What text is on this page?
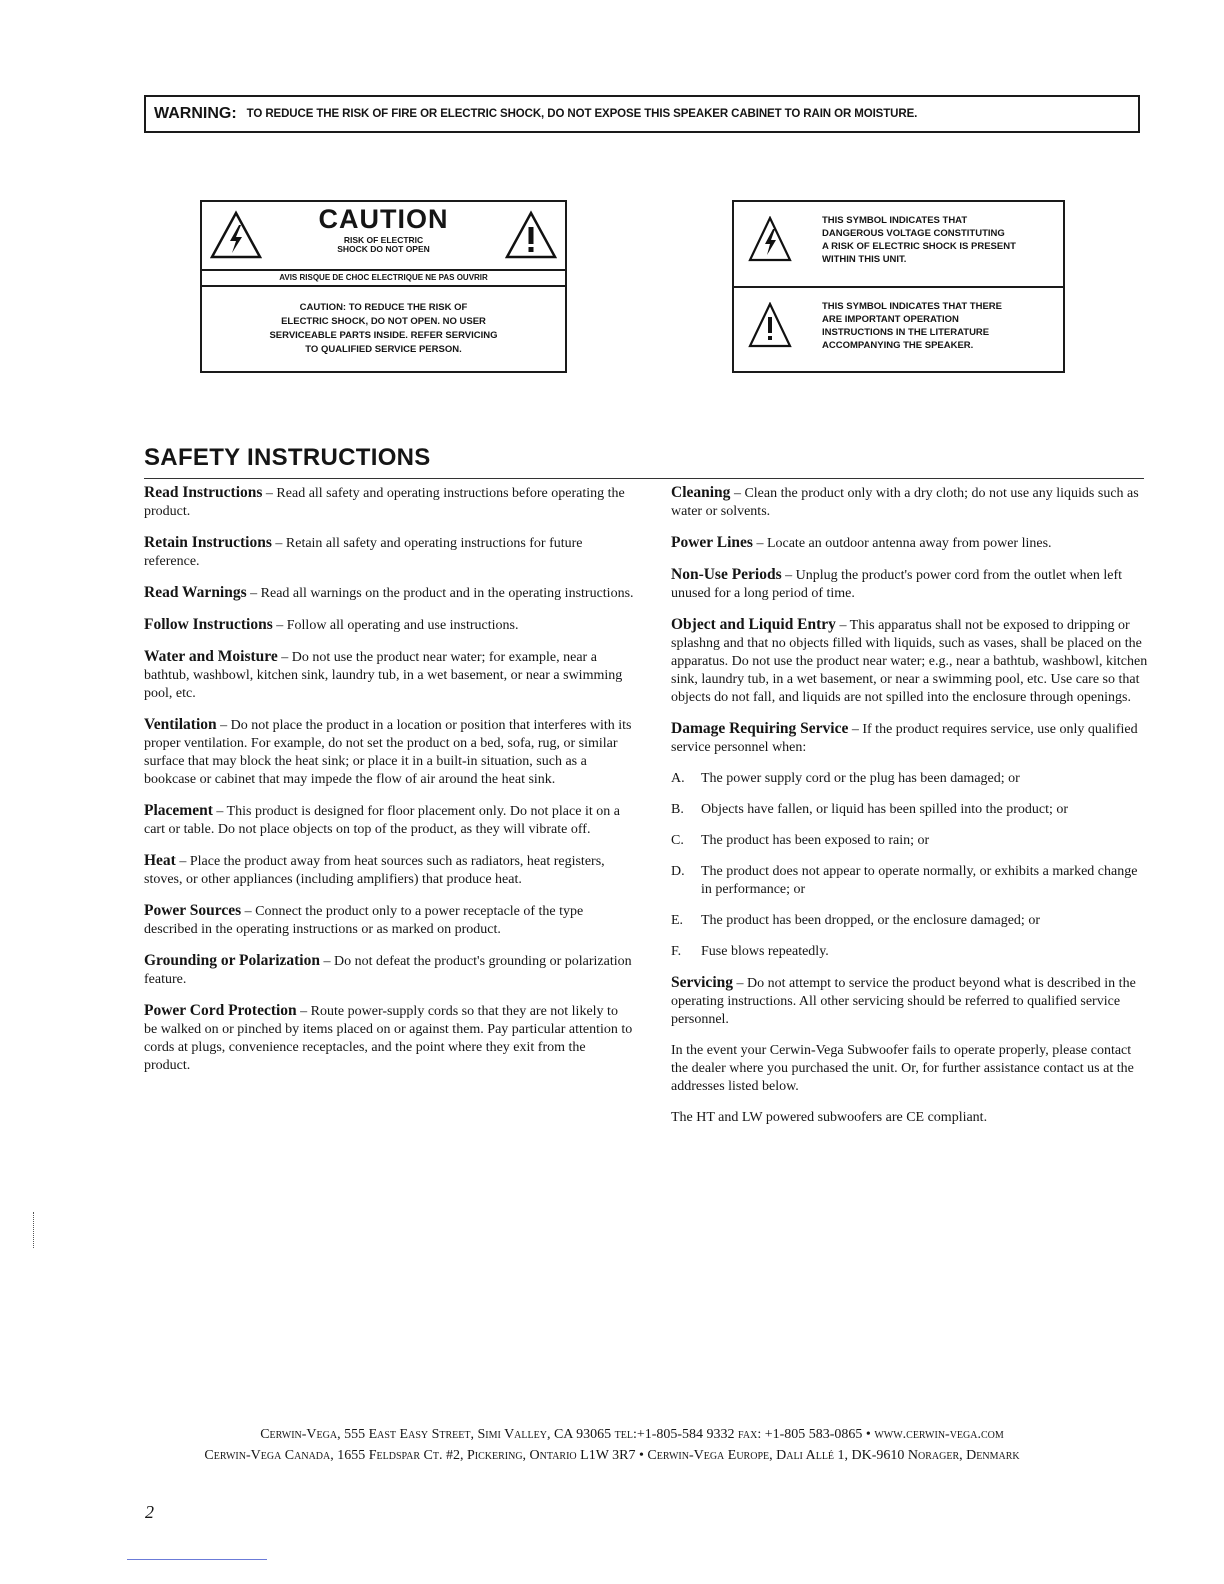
WARNING: TO REDUCE THE RISK OF FIRE OR ELECTRIC SHOCK, DO NOT EXPOSE THIS SPEAKER CABINET TO RAIN OR MOISTURE.
CAUTION
RISK OF ELECTRIC
SHOCK DO NOT OPEN
AVIS RISQUE DE CHOC ELECTRIQUE NE PAS OUVRIR
CAUTION: TO REDUCE THE RISK OF
ELECTRIC SHOCK, DO NOT OPEN. NO USER
SERVICEABLE PARTS INSIDE. REFER SERVICING
TO QUALIFIED SERVICE PERSON.
THIS SYMBOL INDICATES THAT
DANGEROUS VOLTAGE CONSTITUTING
A RISK OF ELECTRIC SHOCK IS PRESENT
WITHIN THIS UNIT.
THIS SYMBOL INDICATES THAT THERE
ARE IMPORTANT OPERATION
INSTRUCTIONS IN THE LITERATURE
ACCOMPANYING THE SPEAKER.
SAFETY INSTRUCTIONS

Read Instructions – Read all safety and operating instructions before operating the product.

Retain Instructions – Retain all safety and operating instructions for future reference.

Read Warnings – Read all warnings on the product and in the operating instructions.

Follow Instructions – Follow all operating and use instructions.

Water and Moisture – Do not use the product near water; for example, near a bathtub, washbowl, kitchen sink, laundry tub, in a wet basement, or near a swimming pool, etc.

Ventilation – Do not place the product in a location or position that interferes with its proper ventilation. For example, do not set the product on a bed, sofa, rug, or similar surface that may block the heat sink; or place it in a built-in situation, such as a bookcase or cabinet that may impede the flow of air around the heat sink.

Placement – This product is designed for floor placement only. Do not place it on a cart or table. Do not place objects on top of the product, as they will vibrate off.

Heat – Place the product away from heat sources such as radiators, heat registers, stoves, or other appliances (including amplifiers) that produce heat.

Power Sources – Connect the product only to a power receptacle of the type described in the operating instructions or as marked on product.

Grounding or Polarization – Do not defeat the product's grounding or polarization feature.

Power Cord Protection – Route power-supply cords so that they are not likely to be walked on or pinched by items placed on or against them. Pay particular attention to cords at plugs, convenience receptacles, and the point where they exit from the product.

Cleaning – Clean the product only with a dry cloth; do not use any liquids such as water or solvents.

Power Lines – Locate an outdoor antenna away from power lines.

Non-Use Periods – Unplug the product's power cord from the outlet when left unused for a long period of time.

Object and Liquid Entry – This apparatus shall not be exposed to dripping or splashng and that no objects filled with liquids, such as vases, shall be placed on the apparatus. Do not use the product near water; e.g., near a bathtub, washbowl, kitchen sink, laundry tub, in a wet basement, or near a swimming pool, etc. Use care so that objects do not fall, and liquids are not spilled into the enclosure through openings.

Damage Requiring Service – If the product requires service, use only qualified service personnel when:

A. The power supply cord or the plug has been damaged; or
B. Objects have fallen, or liquid has been spilled into the product; or
C. The product has been exposed to rain; or
D. The product does not appear to operate normally, or exhibits a marked change in performance; or
E. The product has been dropped, or the enclosure damaged; or
F. Fuse blows repeatedly.

Servicing – Do not attempt to service the product beyond what is described in the operating instructions. All other servicing should be referred to qualified service personnel.

In the event your Cerwin-Vega Subwoofer fails to operate properly, please contact the dealer where you purchased the unit. Or, for further assistance contact us at the addresses listed below.

The HT and LW powered subwoofers are CE compliant.

Cerwin-Vega, 555 East Easy Street, Simi Valley, CA 93065 tel:+1-805-584 9332 fax: +1-805 583-0865 • www.cerwin-vega.com
Cerwin-Vega Canada, 1655 Feldspar Ct. #2, Pickering, Ontario L1W 3R7 • Cerwin-Vega Europe, Dali Allé 1, DK-9610 Norager, Denmark
2
